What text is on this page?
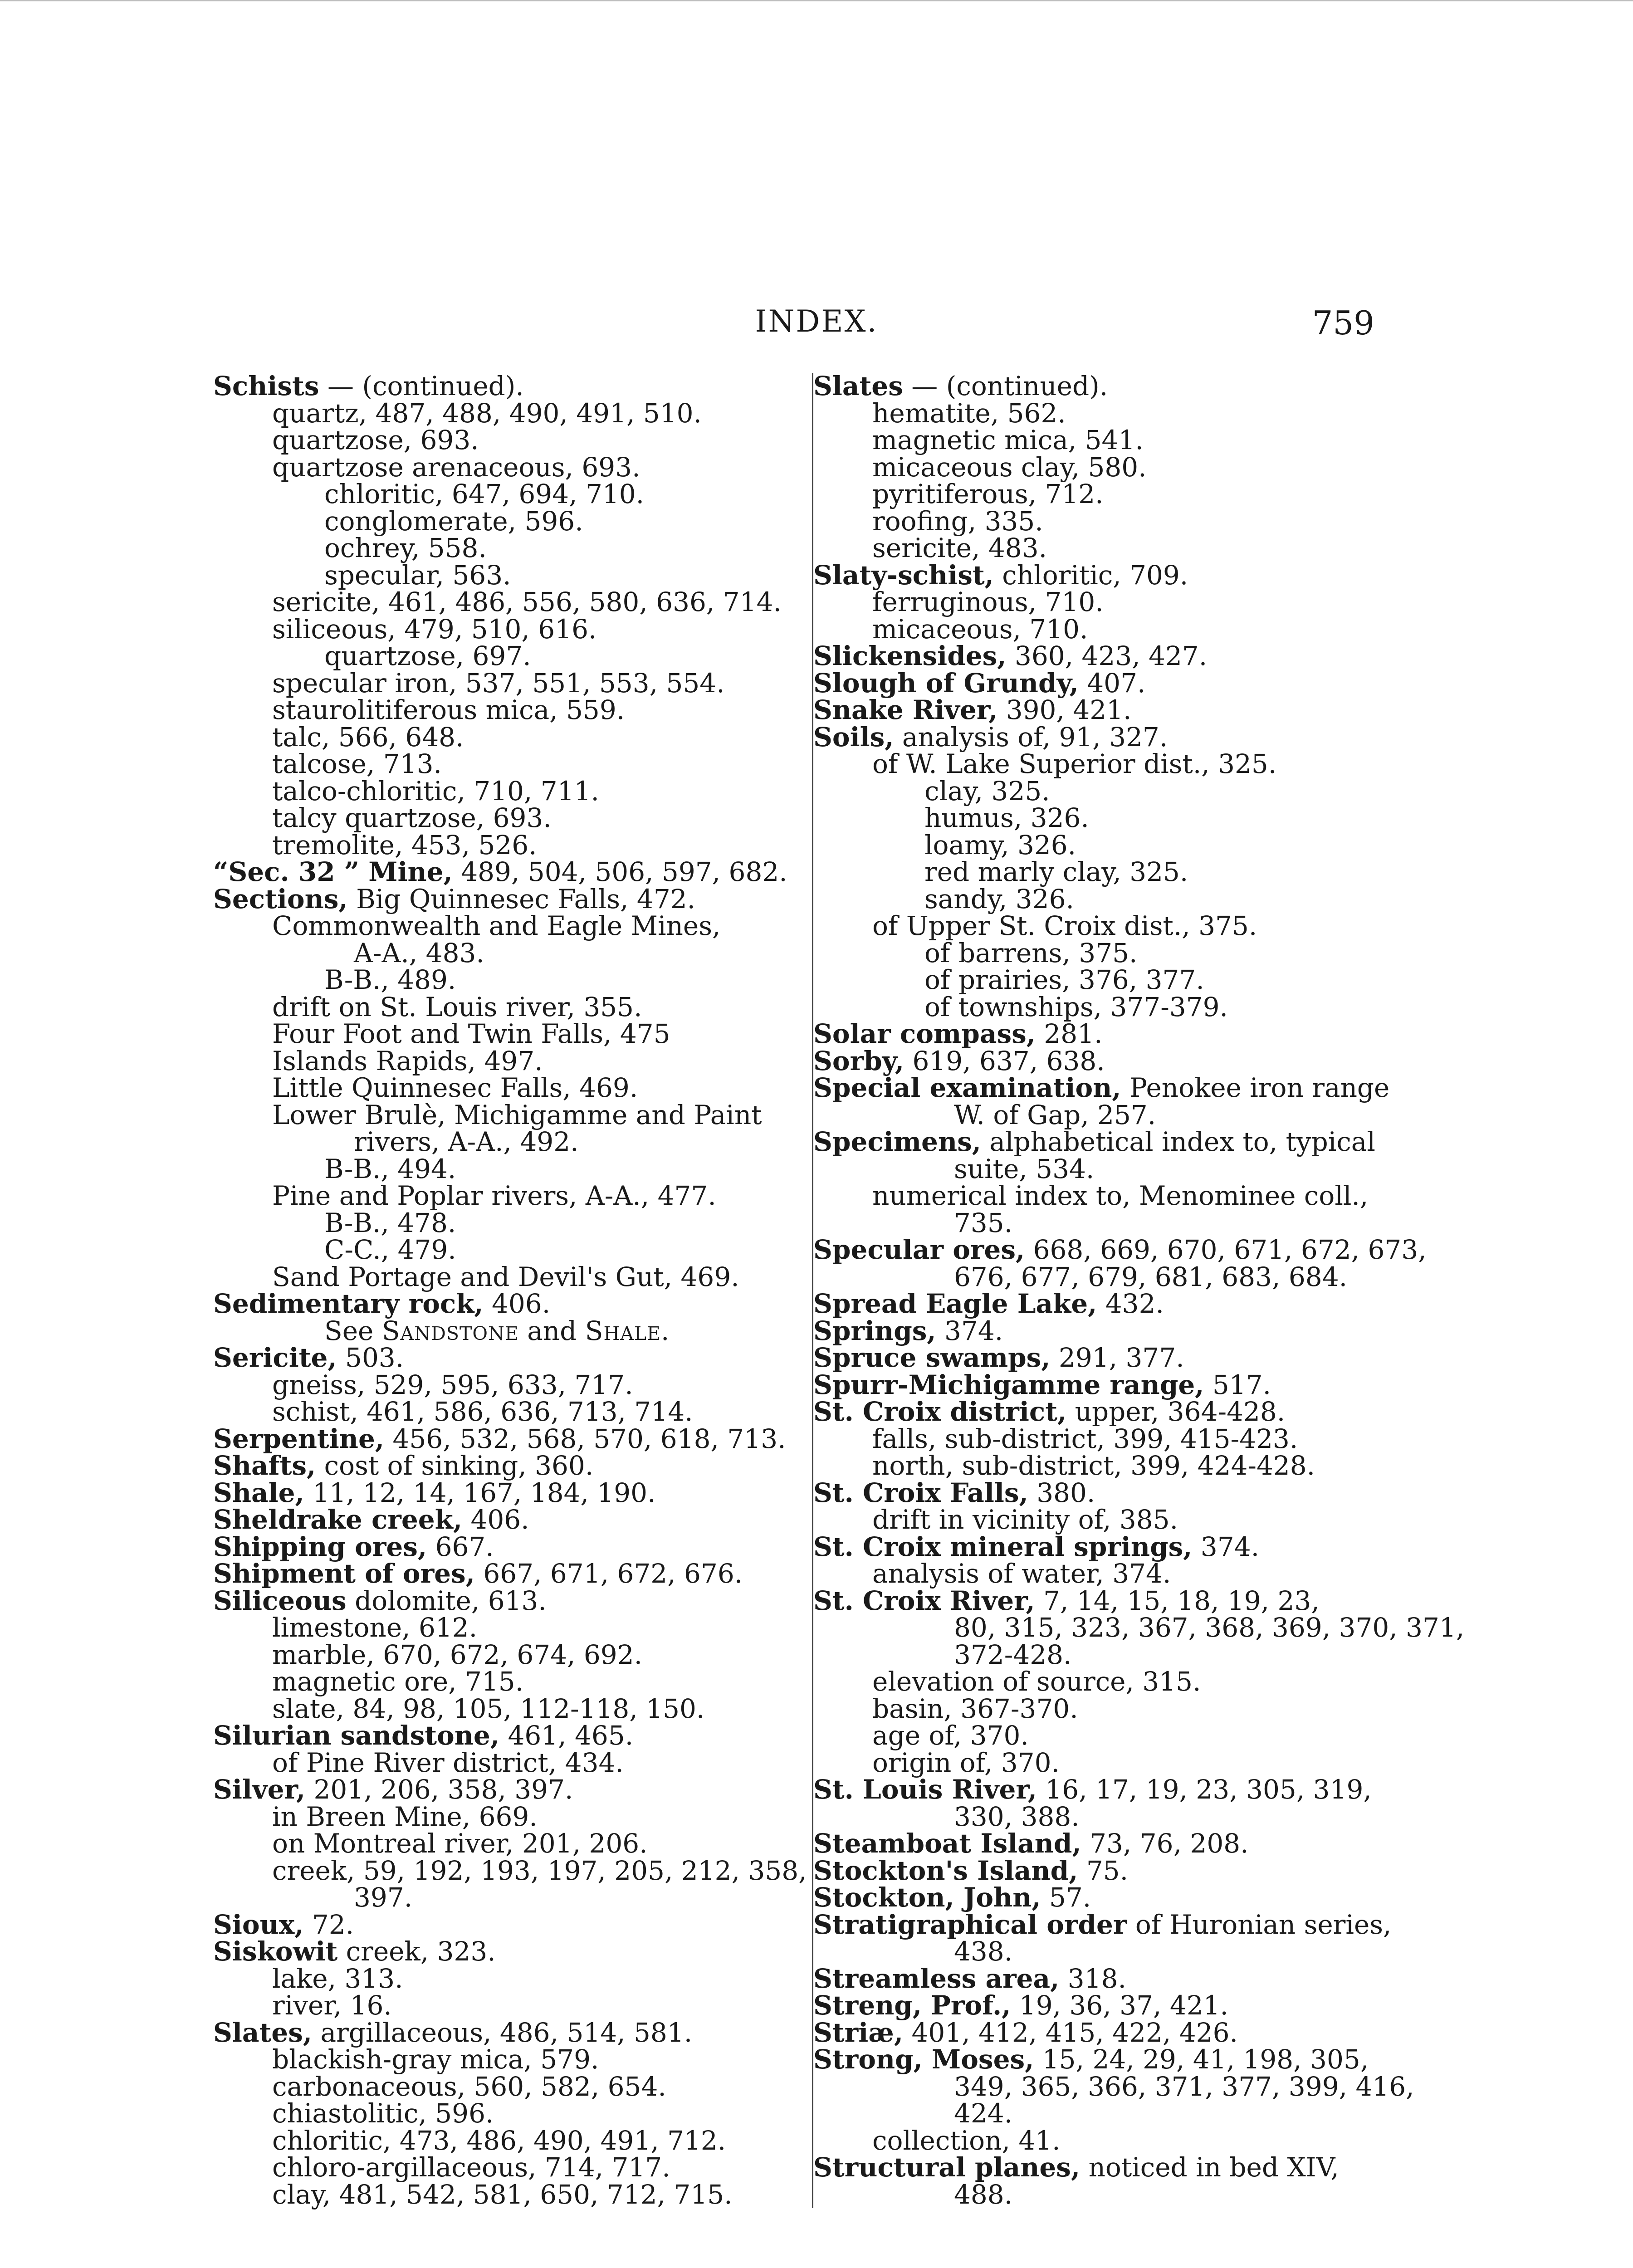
INDEX.	759
Schists — (continued).
quartz, 487, 488, 490, 491, 510.
quartzose, 693.
quartzose arenaceous, 693.
chloritic, 647, 694, 710.
conglomerate, 596.
ochrey, 558.
specular, 563.
sericite, 461, 486, 556, 580, 636, 714.
siliceous, 479, 510, 616.
quartzose, 697.
specular iron, 537, 551, 553, 554.
staurolitiferous mica, 559.
talc, 566, 648.
talcose, 713.
talco-chloritic, 710, 711.
talcy quartzose, 693.
tremolite, 453, 526.
“Sec. 32 ” Mine, 489, 504, 506, 597, 682.
Sections, Big Quinnesec Falls, 472.
Commonwealth and Eagle Mines,
A-A., 483.
B-B., 489.
drift on St. Louis river, 355.
Four Foot and Twin Falls, 475
Islands Rapids, 497.
Little Quinnesec Falls, 469.
Lower Brulè, Michigamme and Paint
rivers, A-A., 492.
B-B., 494.
Pine and Poplar rivers, A-A., 477.
B-B., 478.
C-C., 479.
Sand Portage and Devil's Gut, 469.
Sedimentary rock, 406.
See Sandstone and Shale.
Sericite, 503.
gneiss, 529, 595, 633, 717.
schist, 461, 586, 636, 713, 714.
Serpentine, 456, 532, 568, 570, 618, 713.
Shafts, cost of sinking, 360.
Shale, 11, 12, 14, 167, 184, 190.
Sheldrake creek, 406.
Shipping ores, 667.
Shipment of ores, 667, 671, 672, 676.
Siliceous dolomite, 613.
limestone, 612.
marble, 670, 672, 674, 692.
magnetic ore, 715.
slate, 84, 98, 105, 112-118, 150.
Silurian sandstone, 461, 465.
of Pine River district, 434.
Silver, 201, 206, 358, 397.
in Breen Mine, 669.
on Montreal river, 201, 206.
creek, 59, 192, 193, 197, 205, 212, 358,
397.
Sioux, 72.
Siskowit creek, 323.
lake, 313.
river, 16.
Slates, argillaceous, 486, 514, 581.
blackish-gray mica, 579.
carbonaceous, 560, 582, 654.
chiastolitic, 596.
chloritic, 473, 486, 490, 491, 712.
chloro-argillaceous, 714, 717.
clay, 481, 542, 581, 650, 712, 715.
Slates — (continued).
hematite, 562.
magnetic mica, 541.
micaceous clay, 580.
pyritiferous, 712.
roofing, 335.
sericite, 483.
Slaty-schist, chloritic, 709.
ferruginous, 710.
micaceous, 710.
Slickensides, 360, 423, 427.
Slough of Grundy, 407.
Snake River, 390, 421.
Soils, analysis of, 91, 327.
of W. Lake Superior dist., 325.
clay, 325.
humus, 326.
loamy, 326.
red marly clay, 325.
sandy, 326.
of Upper St. Croix dist., 375.
of barrens, 375.
of prairies, 376, 377.
of townships, 377-379.
Solar compass, 281.
Sorby, 619, 637, 638.
Special examination, Penokee iron range
W. of Gap, 257.
Specimens, alphabetical index to, typical
suite, 534.
numerical index to, Menominee coll.,
735.
Specular ores, 668, 669, 670, 671, 672, 673,
676, 677, 679, 681, 683, 684.
Spread Eagle Lake, 432.
Springs, 374.
Spruce swamps, 291, 377.
Spurr-Michigamme range, 517.
St. Croix district, upper, 364-428.
falls, sub-district, 399, 415-423.
north, sub-district, 399, 424-428.
St. Croix Falls, 380.
drift in vicinity of, 385.
St. Croix mineral springs, 374.
analysis of water, 374.
St. Croix River, 7, 14, 15, 18, 19, 23,
80, 315, 323, 367, 368, 369, 370, 371,
372-428.
elevation of source, 315.
basin, 367-370.
age of, 370.
origin of, 370.
St. Louis River, 16, 17, 19, 23, 305, 319,
330, 388.
Steamboat Island, 73, 76, 208.
Stockton's Island, 75.
Stockton, John, 57.
Stratigraphical order of Huronian series,
438.
Streamless area, 318.
Streng, Prof., 19, 36, 37, 421.
Striæ, 401, 412, 415, 422, 426.
Strong, Moses, 15, 24, 29, 41, 198, 305,
349, 365, 366, 371, 377, 399, 416,
424.
collection, 41.
Structural planes, noticed in bed XIV,
488.
